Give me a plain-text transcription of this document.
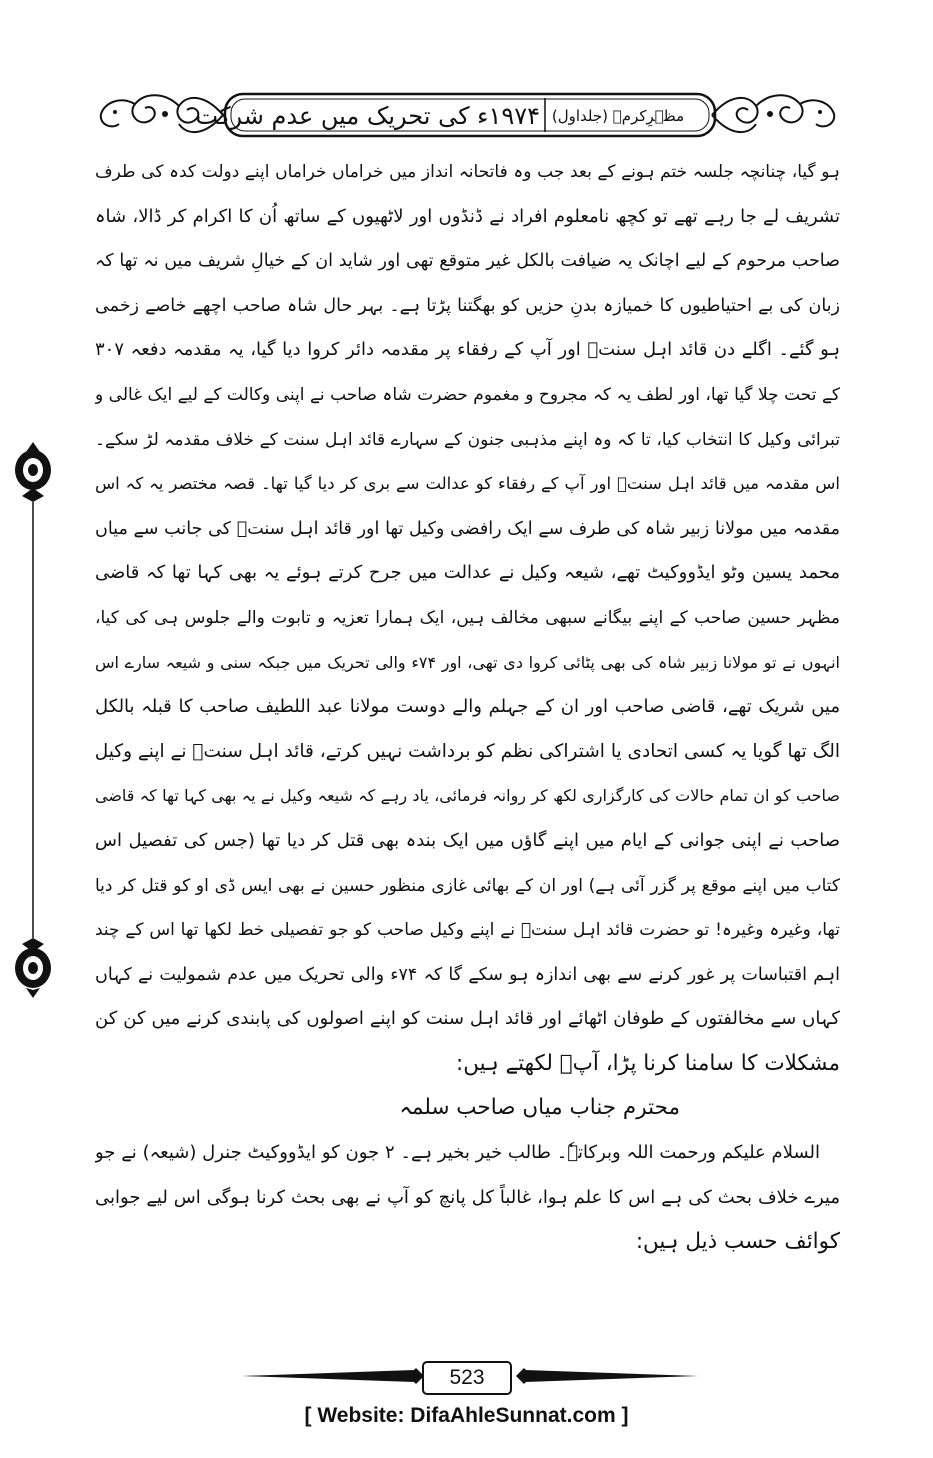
۱۹۷۴ء کی تحریک میں عدم شرکت مظہرِکرمؒ (جلداول)
ہو گیا، چنانچہ جلسہ ختم ہونے کے بعد جب وہ فاتحانہ انداز میں خراماں خراماں اپنے دولت کدہ کی طرف
تشریف لے جا رہے تھے تو کچھ نامعلوم افراد نے ڈنڈوں اور لاٹھیوں کے ساتھ اُن کا اکرام کر ڈالا، شاہ
صاحب مرحوم کے لیے اچانک یہ ضیافت بالکل غیر متوقع تھی اور شاید ان کے خیالِ شریف میں نہ تھا کہ
زبان کی بے احتیاطیوں کا خمیازہ بدنِ حزیں کو بھگتنا پڑتا ہے۔ بہر حال شاہ صاحب اچھے خاصے زخمی
ہو گئے۔ اگلے دن قائد اہل سنتؒ اور آپ کے رفقاء پر مقدمہ دائر کروا دیا گیا، یہ مقدمہ دفعہ ۳۰۷
کے تحت چلا گیا تھا، اور لطف یہ کہ مجروح و مغموم حضرت شاہ صاحب نے اپنی وکالت کے لیے ایک غالی و
تبرائی وکیل کا انتخاب کیا، تا کہ وہ اپنے مذہبی جنون کے سہارے قائد اہل سنت کے خلاف مقدمہ لڑ سکے۔
اس مقدمہ میں قائد اہل سنتؒ اور آپ کے رفقاء کو عدالت سے بری کر دیا گیا تھا۔ قصہ مختصر یہ کہ اس
مقدمہ میں مولانا زبیر شاہ کی طرف سے ایک رافضی وکیل تھا اور قائد اہل سنتؒ کی جانب سے میاں
محمد یسین وٹو ایڈووکیٹ تھے، شیعہ وکیل نے عدالت میں جرح کرتے ہوئے یہ بھی کہا تھا کہ قاضی
مظہر حسین صاحب کے اپنے بیگانے سبھی مخالف ہیں، ایک ہمارا تعزیہ و تابوت والے جلوس ہی کی کیا،
انہوں نے تو مولانا زبیر شاہ کی بھی پٹائی کروا دی تھی، اور ۷۴ء والی تحریک میں جبکہ سنی و شیعہ سارے اس
میں شریک تھے، قاضی صاحب اور ان کے جہلم والے دوست مولانا عبد اللطیف صاحب کا قبلہ بالکل
الگ تھا گویا یہ کسی اتحادی یا اشتراکی نظم کو برداشت نہیں کرتے، قائد اہل سنتؒ نے اپنے وکیل
صاحب کو ان تمام حالات کی کارگزاری لکھ کر روانہ فرمائی، یاد رہے کہ شیعہ وکیل نے یہ بھی کہا تھا کہ قاضی
صاحب نے اپنی جوانی کے ایام میں اپنے گاؤں میں ایک بندہ بھی قتل کر دیا تھا (جس کی تفصیل اس
کتاب میں اپنے موقع پر گزر آئی ہے) اور ان کے بھائی غازی منظور حسین نے بھی ایس ڈی او کو قتل کر دیا
تھا، وغیرہ وغیرہ! تو حضرت قائد اہل سنتؒ نے اپنے وکیل صاحب کو جو تفصیلی خط لکھا تھا اس کے چند
اہم اقتباسات پر غور کرنے سے بھی اندازہ ہو سکے گا کہ ۷۴ء والی تحریک میں عدم شمولیت نے کہاں
کہاں سے مخالفتوں کے طوفان اٹھائے اور قائد اہل سنت کو اپنے اصولوں کی پابندی کرنے میں کن کن
مشکلات کا سامنا کرنا پڑا، آپؒ لکھتے ہیں:
محترم جناب میاں صاحب سلمہ
السلام علیکم ورحمت اللہ وبرکاتہٗ۔ طالب خیر بخیر ہے۔ ۲ جون کو ایڈووکیٹ جنرل (شیعہ) نے جو
میرے خلاف بحث کی ہے اس کا علم ہوا، غالباً کل پانچ کو آپ نے بھی بحث کرنا ہوگی اس لیے جوابی
کوائف حسب ذیل ہیں:
523
[ Website: DifaAhleSunnat.com ]
